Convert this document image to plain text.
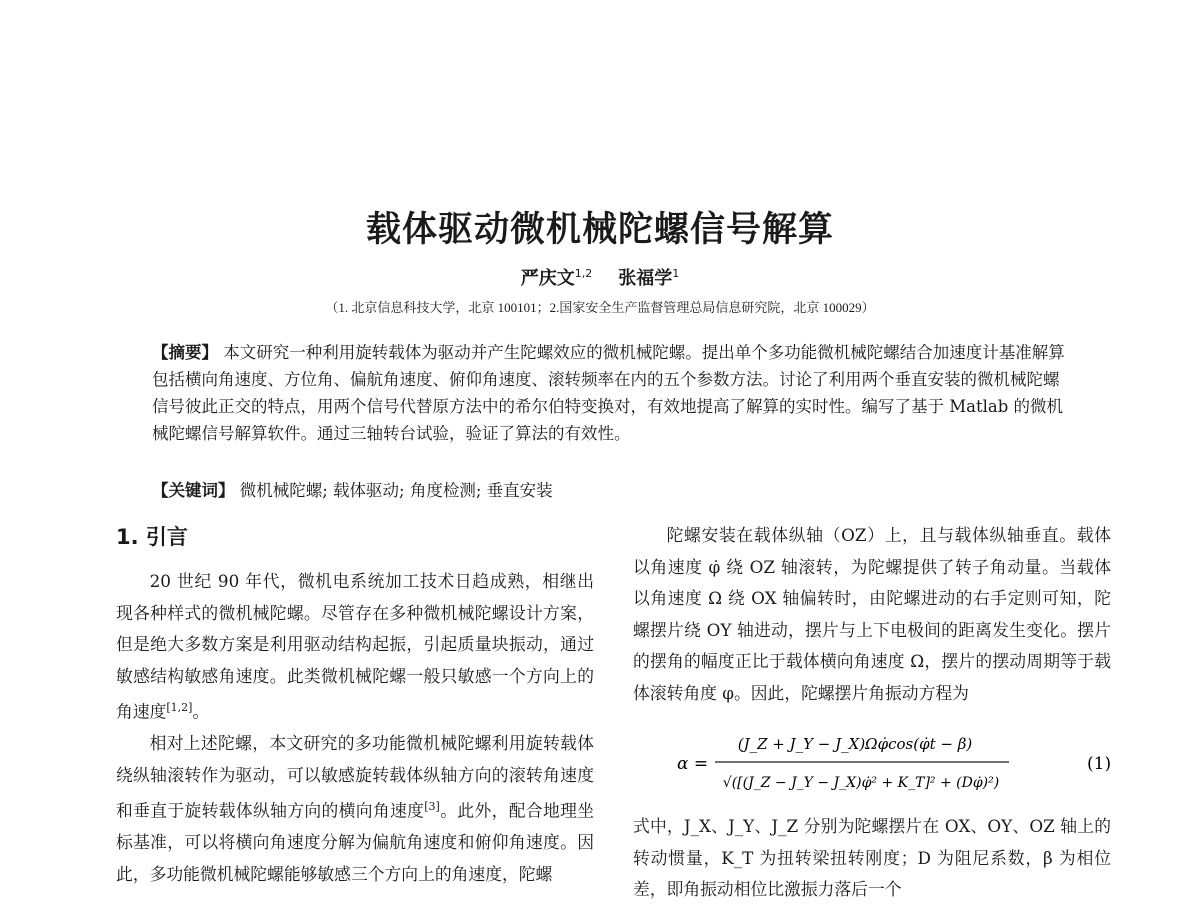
载体驱动微机械陀螺信号解算
严庆文$^{1,2}$ 张福学$^1$
（1. 北京信息科技大学，北京 100101；2.国家安全生产监督管理总局信息研究院，北京 100029）
【摘要】 本文研究一种利用旋转载体为驱动并产生陀螺效应的微机械陀螺。提出单个多功能微机械陀螺结合加速度计基准解算包括横向角速度、方位角、偏航角速度、俯仰角速度、滚转频率在内的五个参数方法。讨论了利用两个垂直安装的微机械陀螺信号彼此正交的特点，用两个信号代替原方法中的希尔伯特变换对，有效地提高了解算的实时性。编写了基于 Matlab 的微机械陀螺信号解算软件。通过三轴转台试验，验证了算法的有效性。
【关键词】 微机械陀螺; 载体驱动; 角度检测; 垂直安装

1. 引言

20 世纪 90 年代，微机电系统加工技术日趋成熟，相继出现各种样式的微机械陀螺。尽管存在多种微机械陀螺设计方案，但是绝大多数方案是利用驱动结构起振，引起质量块振动，通过敏感结构敏感角速度。此类微机械陀螺一般只敏感一个方向上的角速度[1,2]。

相对上述陀螺，本文研究的多功能微机械陀螺利用旋转载体绕纵轴滚转作为驱动，可以敏感旋转载体纵轴方向的滚转角速度和垂直于旋转载体纵轴方向的横向角速度[3]。此外，配合地理坐标基准，可以将横向角速度分解为偏航角速度和俯仰角速度。因此，多功能微机械陀螺能够敏感三个方向上的角速度，陀螺

陀螺安装在载体纵轴（OZ）上，且与载体纵轴垂直。载体以角速度 φ̇ 绕 OZ 轴滚转，为陀螺提供了转子角动量。当载体以角速度 Ω 绕 OX 轴偏转时，由陀螺进动的右手定则可知，陀螺摆片绕 OY 轴进动，摆片与上下电极间的距离发生变化。摆片的摆角的幅度正比于载体横向角速度 Ω，摆片的摆动周期等于载体滚转角度 φ。因此，陀螺摆片角振动方程为

α =
(J_Z + J_Y − J_X)Ωφ̇cos(φ̇t − β)
√([(J_Z − J_Y − J_X)φ̇² + K_T]² + (Dφ̇)²)
(1)

式中，J_X、J_Y、J_Z 分别为陀螺摆片在 OX、OY、OZ 轴上的转动惯量，K_T 为扭转梁扭转刚度；D 为阻尼系数，β 为相位差，即角振动相位比激振力落后一个
